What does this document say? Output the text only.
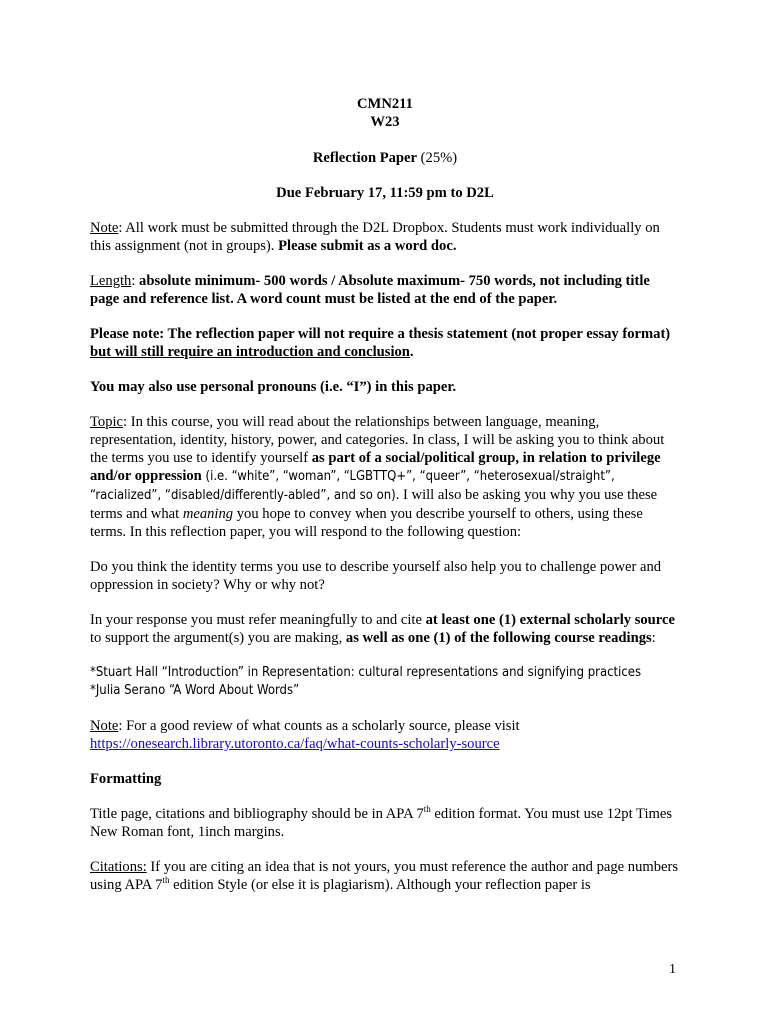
CMN211
W23

Reflection Paper (25%)

Due February 17, 11:59 pm to D2L

Note: All work must be submitted through the D2L Dropbox. Students must work individually on this assignment (not in groups). Please submit as a word doc.

Length: absolute minimum- 500 words / Absolute maximum- 750 words, not including title page and reference list. A word count must be listed at the end of the paper.

Please note: The reflection paper will not require a thesis statement (not proper essay format) but will still require an introduction and conclusion.

You may also use personal pronouns (i.e. “I”) in this paper.

Topic: In this course, you will read about the relationships between language, meaning, representation, identity, history, power, and categories. In class, I will be asking you to think about the terms you use to identify yourself as part of a social/political group, in relation to privilege and/or oppression (i.e. “white”, “woman”, “LGBTTQ+”, “queer”, “heterosexual/straight”, “racialized”, “disabled/differently-abled”, and so on). I will also be asking you why you use these terms and what meaning you hope to convey when you describe yourself to others, using these terms. In this reflection paper, you will respond to the following question:

Do you think the identity terms you use to describe yourself also help you to challenge power and oppression in society? Why or why not?

In your response you must refer meaningfully to and cite at least one (1) external scholarly source to support the argument(s) you are making, as well as one (1) of the following course readings:

*Stuart Hall “Introduction” in Representation: cultural representations and signifying practices

*Julia Serano “A Word About Words”

Note: For a good review of what counts as a scholarly source, please visit
https://onesearch.library.utoronto.ca/faq/what-counts-scholarly-source

Formatting

Title page, citations and bibliography should be in APA 7th edition format. You must use 12pt Times New Roman font, 1inch margins.

Citations: If you are citing an idea that is not yours, you must reference the author and page numbers using APA 7th edition Style (or else it is plagiarism). Although your reflection paper is

1
